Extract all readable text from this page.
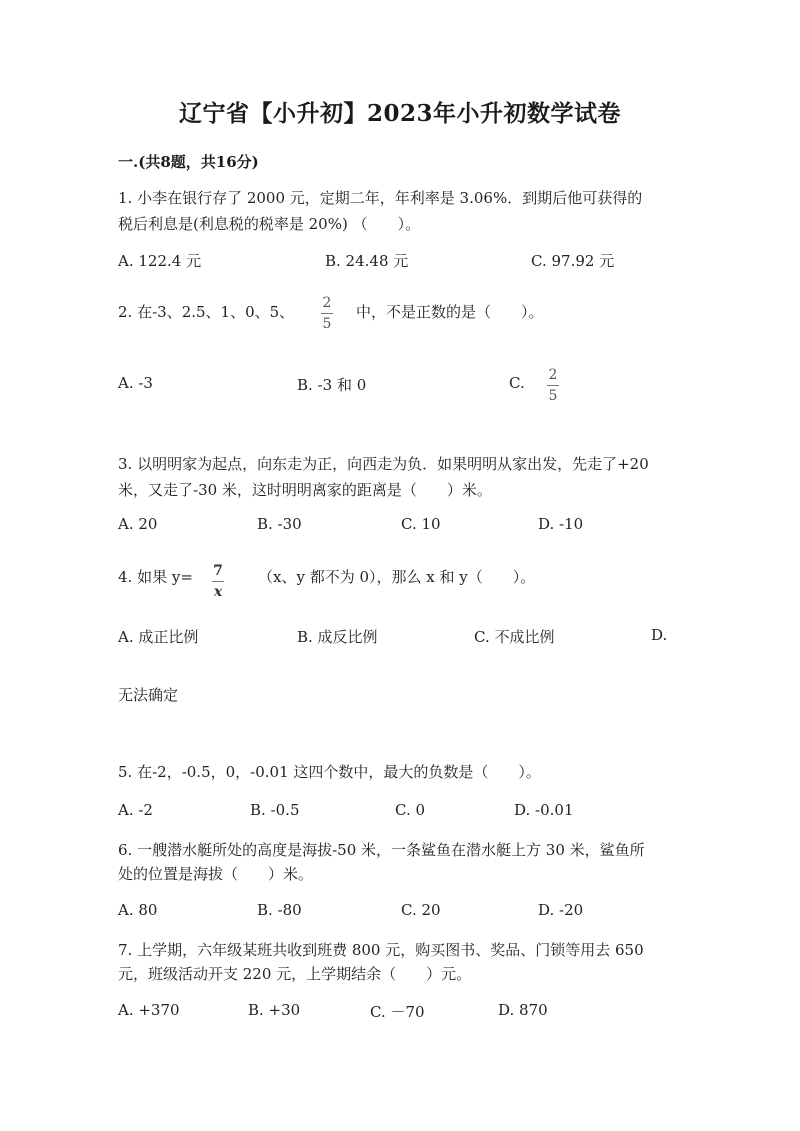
辽宁省【小升初】2023年小升初数学试卷
一.(共8题，共16分)
1. 小李在银行存了 2000 元，定期二年，年利率是 3.06%．到期后他可获得的
税后利息是(利息税的税率是 20%) （　　）。
A. 122.4 元	B. 24.48 元	C. 97.92 元
2. 在-3、2.5、1、0、5、 2
5
中，不是正数的是（　　）。
A. -3	B. -3 和 0	C. 2
5
3. 以明明家为起点，向东走为正，向西走为负．如果明明从家出发，先走了+20
米，又走了-30 米，这时明明离家的距离是（　　）米。
A. 20	B. -30	C. 10	D. -10
4. 如果 y= 7
x
（x、y 都不为 0），那么 x 和 y（　　）。
A. 成正比例	B. 成反比例	C. 不成比例	D.
无法确定
5. 在-2，-0.5，0，-0.01 这四个数中，最大的负数是（　　）。
A. -2	B. -0.5	C. 0	D. -0.01
6. 一艘潜水艇所处的高度是海拔-50 米，一条鲨鱼在潜水艇上方 30 米，鲨鱼所
处的位置是海拔（　　）米。
A. 80	B. -80	C. 20	D. -20
7. 上学期，六年级某班共收到班费 800 元，购买图书、奖品、门锁等用去 650
元，班级活动开支 220 元，上学期结余（　　）元。
A. +370	B. +30	C. －70	D. 870
